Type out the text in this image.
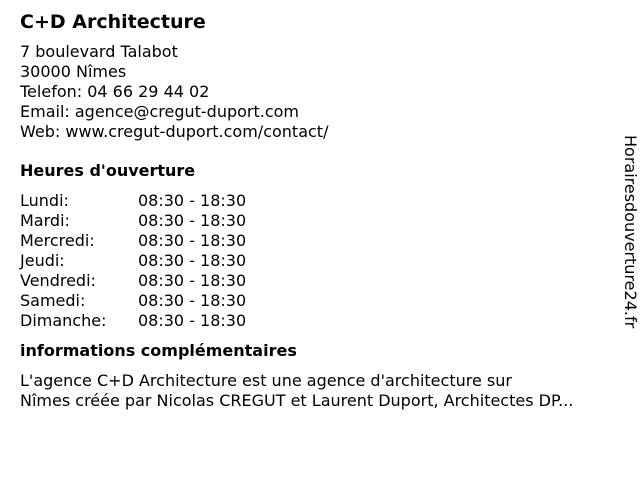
C+D Architecture
7 boulevard Talabot
30000 Nîmes
Telefon: 04 66 29 44 02
Email: agence@cregut-duport.com
Web: www.cregut-duport.com/contact/
Heures d'ouverture
Lundi:	08:30 - 18:30
Mardi:	08:30 - 18:30
Mercredi:	08:30 - 18:30
Jeudi:	08:30 - 18:30
Vendredi:	08:30 - 18:30
Samedi:	08:30 - 18:30
Dimanche:	08:30 - 18:30
informations complémentaires
L'agence C+D Architecture est une agence d'architecture sur
Nîmes créée par Nicolas CREGUT et Laurent Duport, Architectes DP...
Horairesdouverture24.fr
